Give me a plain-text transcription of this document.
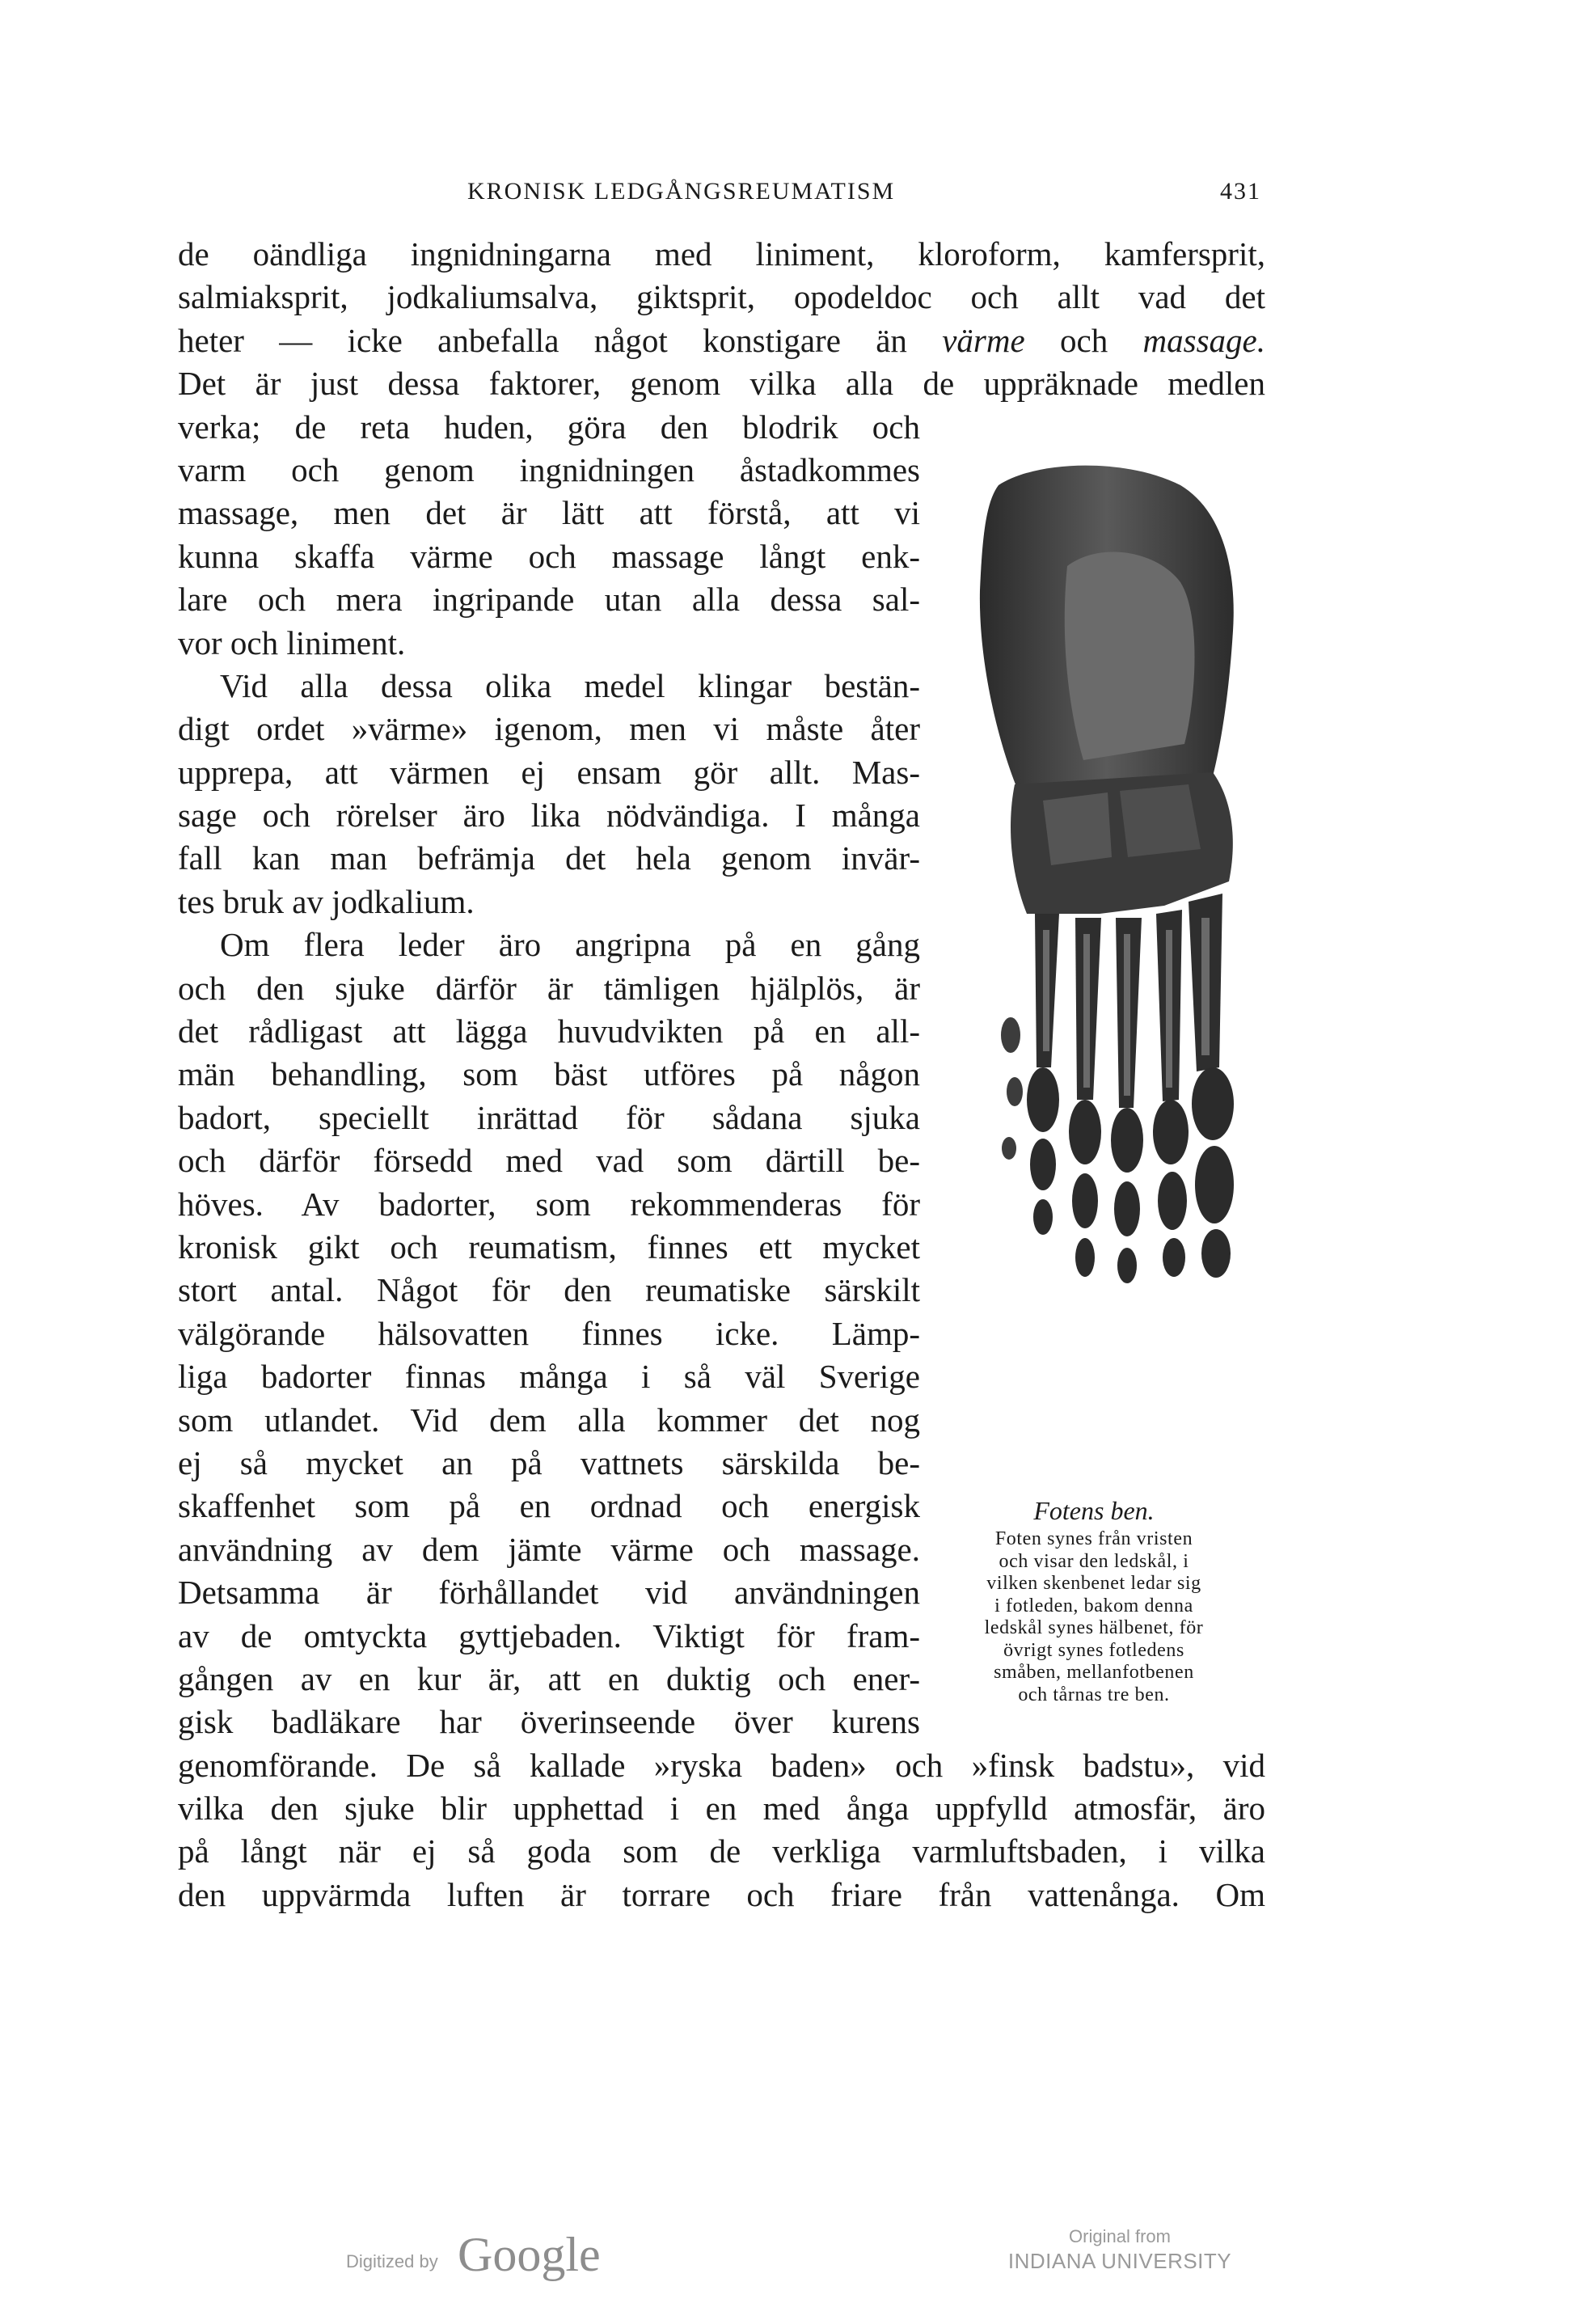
KRONISK LEDGÅNGSREUMATISM	431
de oändliga ingnidningarna med liniment, kloroform, kamfersprit,
salmiaksprit, jodkaliumsalva, giktsprit, opodeldoc och allt vad det
heter — icke anbefalla något konstigare än värme och massage.
Det är just dessa faktorer, genom vilka alla de uppräknade medlen
verka; de reta huden, göra den blodrik och
varm och genom ingnidningen åstadkommes
massage, men det är lätt att förstå, att vi
kunna skaffa värme och massage långt enk-
lare och mera ingripande utan alla dessa sal-
vor och liniment.
Vid alla dessa olika medel klingar bestän-
digt ordet »värme» igenom, men vi måste åter
upprepa, att värmen ej ensam gör allt. Mas-
sage och rörelser äro lika nödvändiga. I många
fall kan man befrämja det hela genom invär-
tes bruk av jodkalium.
Om flera leder äro angripna på en gång
och den sjuke därför är tämligen hjälplös, är
det rådligast att lägga huvudvikten på en all-
män behandling, som bäst utföres på någon
badort, speciellt inrättad för sådana sjuka
och därför försedd med vad som därtill be-
höves. Av badorter, som rekommenderas för
kronisk gikt och reumatism, finnes ett mycket
stort antal. Något för den reumatiske särskilt
välgörande hälsovatten finnes icke. Lämp-
liga badorter finnas många i så väl Sverige
som utlandet. Vid dem alla kommer det nog
ej så mycket an på vattnets särskilda be-
skaffenhet som på en ordnad och energisk
användning av dem jämte värme och massage.
Detsamma är förhållandet vid användningen
av de omtyckta gyttjebaden. Viktigt för fram-
gången av en kur är, att en duktig och ener-
gisk badläkare har överinseende över kurens
genomförande. De så kallade »ryska baden» och »finsk badstu», vid
vilka den sjuke blir upphettad i en med ånga uppfylld atmosfär, äro
på långt när ej så goda som de verkliga varmluftsbaden, i vilka
den uppvärmda luften är torrare och friare från vattenånga. Om
Fotens ben.
Foten synes från vristen
och visar den ledskål, i
vilken skenbenet ledar sig
i fotleden, bakom denna
ledskål synes hälbenet, för
övrigt synes fotledens
småben, mellanfotbenen
och tårnas tre ben.
Digitized by Google	Original from
INDIANA UNIVERSITY
